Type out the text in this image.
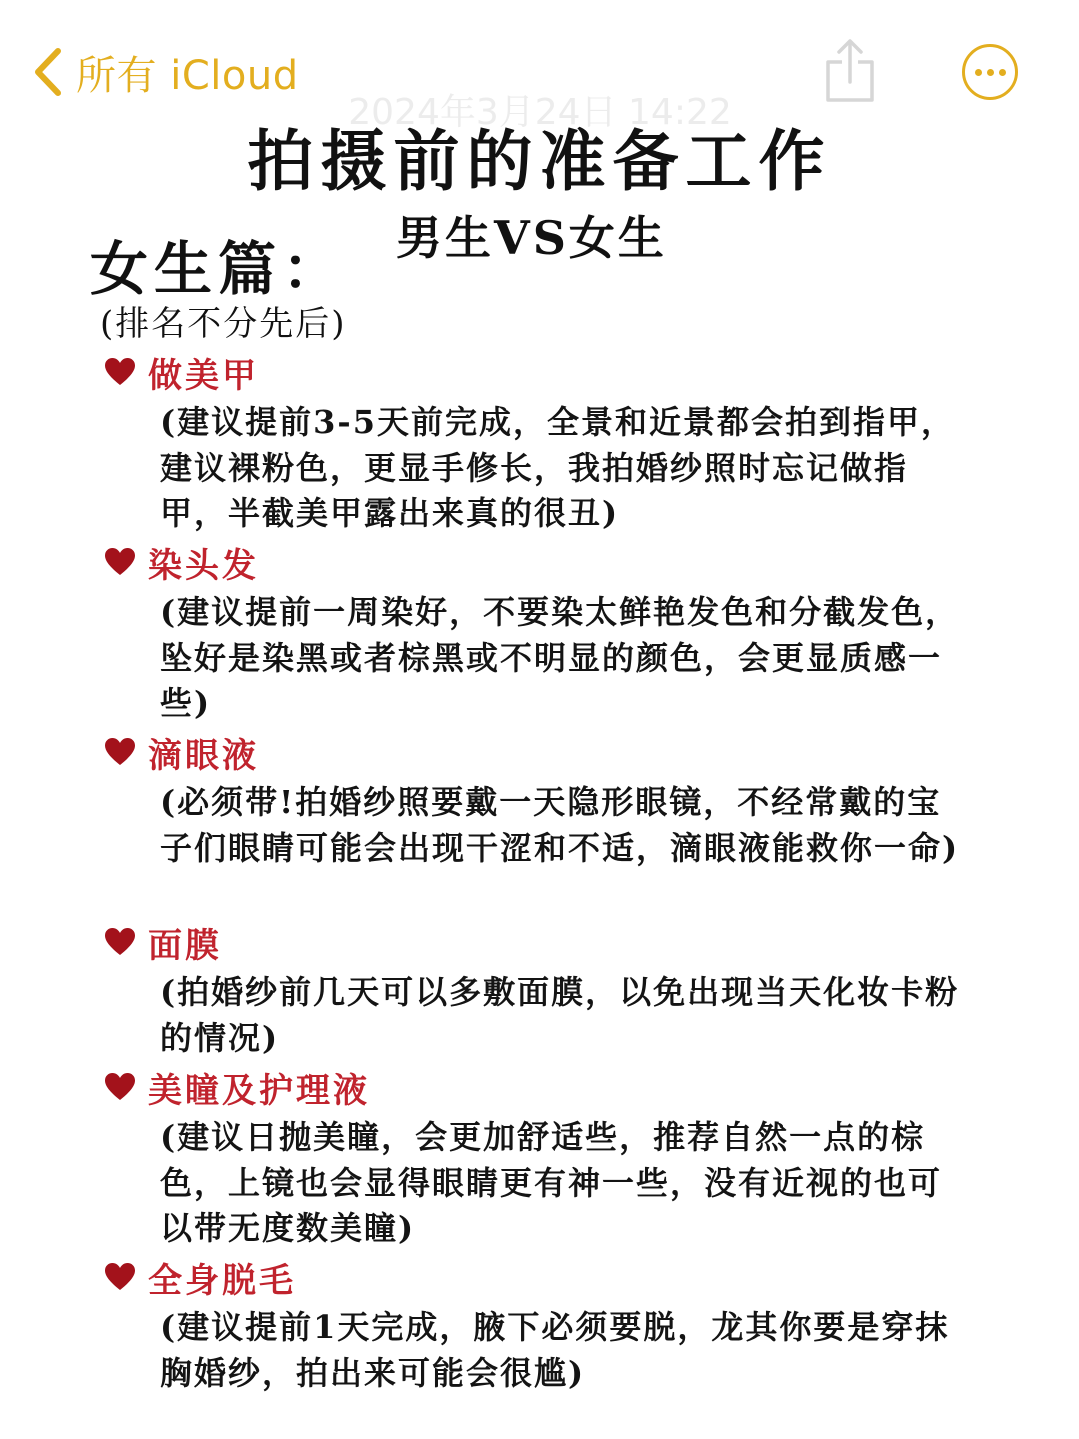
所有 iCloud
2024年3月24日 14:22
拍摄前的准备工作
女生篇： 男生VS女生
(排名不分先后)
做美甲
(建议提前3-5天前完成，全景和近景都会拍到指甲，建议裸粉色，更显手修长，我拍婚纱照时忘记做指甲，半截美甲露出来真的很丑)
染头发
(建议提前一周染好，不要染太鲜艳发色和分截发色，坠好是染黑或者棕黑或不明显的颜色，会更显质感一些)
滴眼液
(必须带!拍婚纱照要戴一天隐形眼镜，不经常戴的宝子们眼睛可能会出现干涩和不适，滴眼液能救你一命)
面膜
(拍婚纱前几天可以多敷面膜，以免出现当天化妆卡粉的情况)
美瞳及护理液
(建议日抛美瞳，会更加舒适些，推荐自然一点的棕色，上镜也会显得眼睛更有神一些，没有近视的也可以带无度数美瞳)
全身脱毛
(建议提前1天完成，腋下必须要脱，龙其你要是穿抹胸婚纱，拍出来可能会很尴)
